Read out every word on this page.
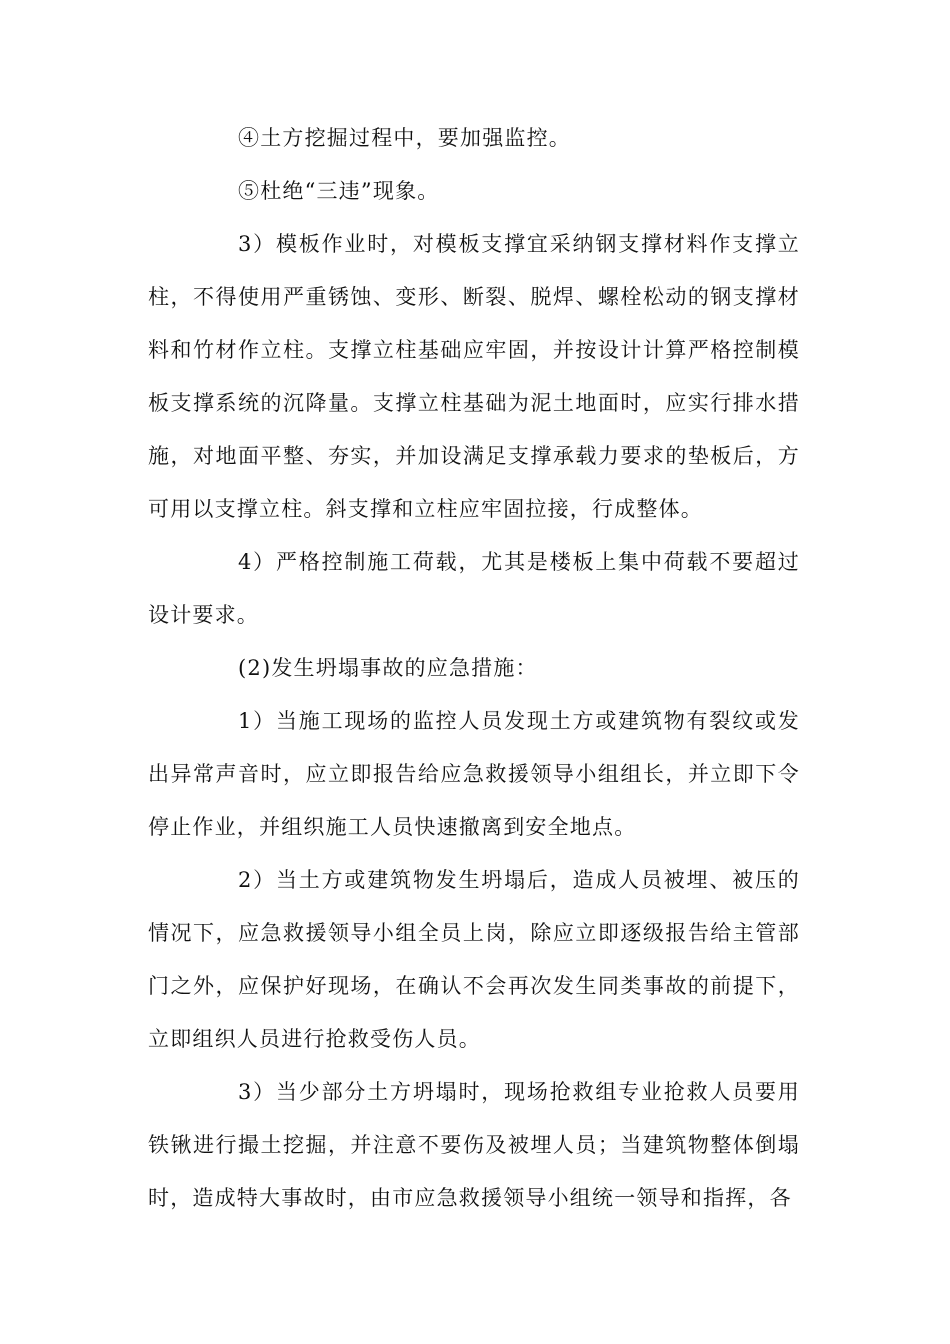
④土方挖掘过程中，要加强监控。

⑤杜绝“三违”现象。

3）模板作业时，对模板支撑宜采纳钢支撑材料作支撑立柱，不得使用严重锈蚀、变形、断裂、脱焊、螺栓松动的钢支撑材料和竹材作立柱。支撑立柱基础应牢固，并按设计计算严格控制模板支撑系统的沉降量。支撑立柱基础为泥土地面时，应实行排水措施，对地面平整、夯实，并加设满足支撑承载力要求的垫板后，方可用以支撑立柱。斜支撑和立柱应牢固拉接，行成整体。

4）严格控制施工荷载，尤其是楼板上集中荷载不要超过设计要求。

(2)发生坍塌事故的应急措施：

1）当施工现场的监控人员发现土方或建筑物有裂纹或发出异常声音时，应立即报告给应急救援领导小组组长，并立即下令停止作业，并组织施工人员快速撤离到安全地点。

2）当土方或建筑物发生坍塌后，造成人员被埋、被压的情况下，应急救援领导小组全员上岗，除应立即逐级报告给主管部门之外，应保护好现场，在确认不会再次发生同类事故的前提下，立即组织人员进行抢救受伤人员。

3）当少部分土方坍塌时，现场抢救组专业抢救人员要用铁锹进行撮土挖掘，并注意不要伤及被埋人员；当建筑物整体倒塌时，造成特大事故时，由市应急救援领导小组统一领导和指挥，各
